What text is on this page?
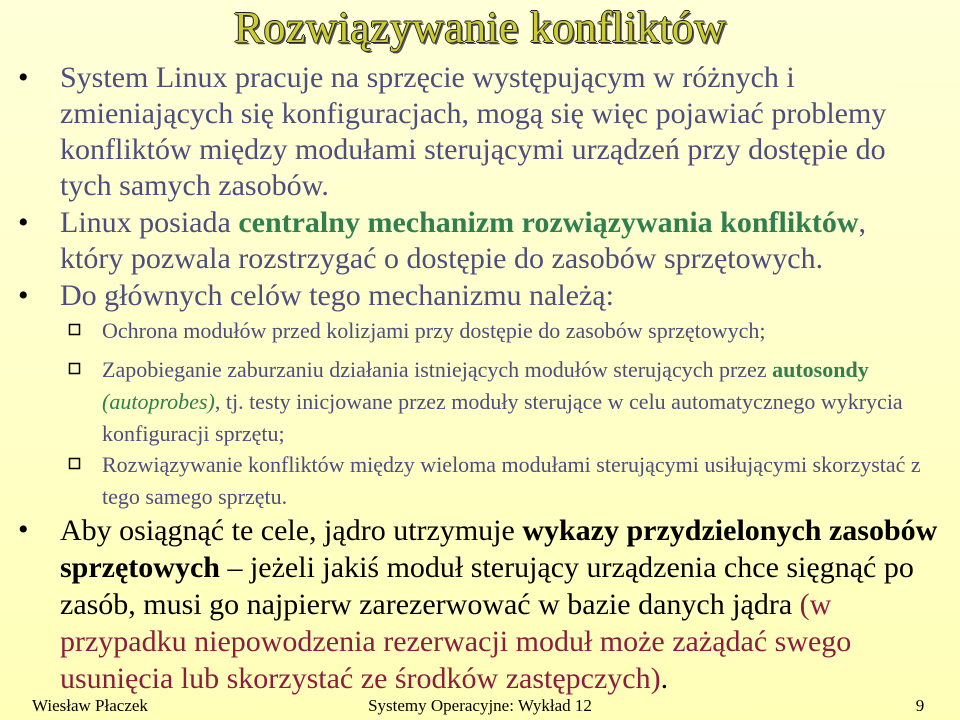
Rozwiązywanie konfliktów
• System Linux pracuje na sprzęcie występującym w różnych i zmieniających się konfiguracjach, mogą się więc pojawiać problemy konfliktów między modułami sterującymi urządzeń przy dostępie do tych samych zasobów.

• Linux posiada centralny mechanizm rozwiązywania konfliktów, który pozwala rozstrzygać o dostępie do zasobów sprzętowych.

• Do głównych celów tego mechanizmu należą:

Ochrona modułów przed kolizjami przy dostępie do zasobów sprzętowych;

Zapobieganie zaburzaniu działania istniejących modułów sterujących przez autosondy (autoprobes), tj. testy inicjowane przez moduły sterujące w celu automatycznego wykrycia konfiguracji sprzętu;

Rozwiązywanie konfliktów między wieloma modułami sterującymi usiłującymi skorzystać z tego samego sprzętu.

• Aby osiągnąć te cele, jądro utrzymuje wykazy przydzielonych zasobów sprzętowych – jeżeli jakiś moduł sterujący urządzenia chce sięgnąć po zasób, musi go najpierw zarezerwować w bazie danych jądra (w przypadku niepowodzenia rezerwacji moduł może zażądać swego usunięcia lub skorzystać ze środków zastępczych).

Wiesław Płaczek	Systemy Operacyjne: Wykład 12	9
